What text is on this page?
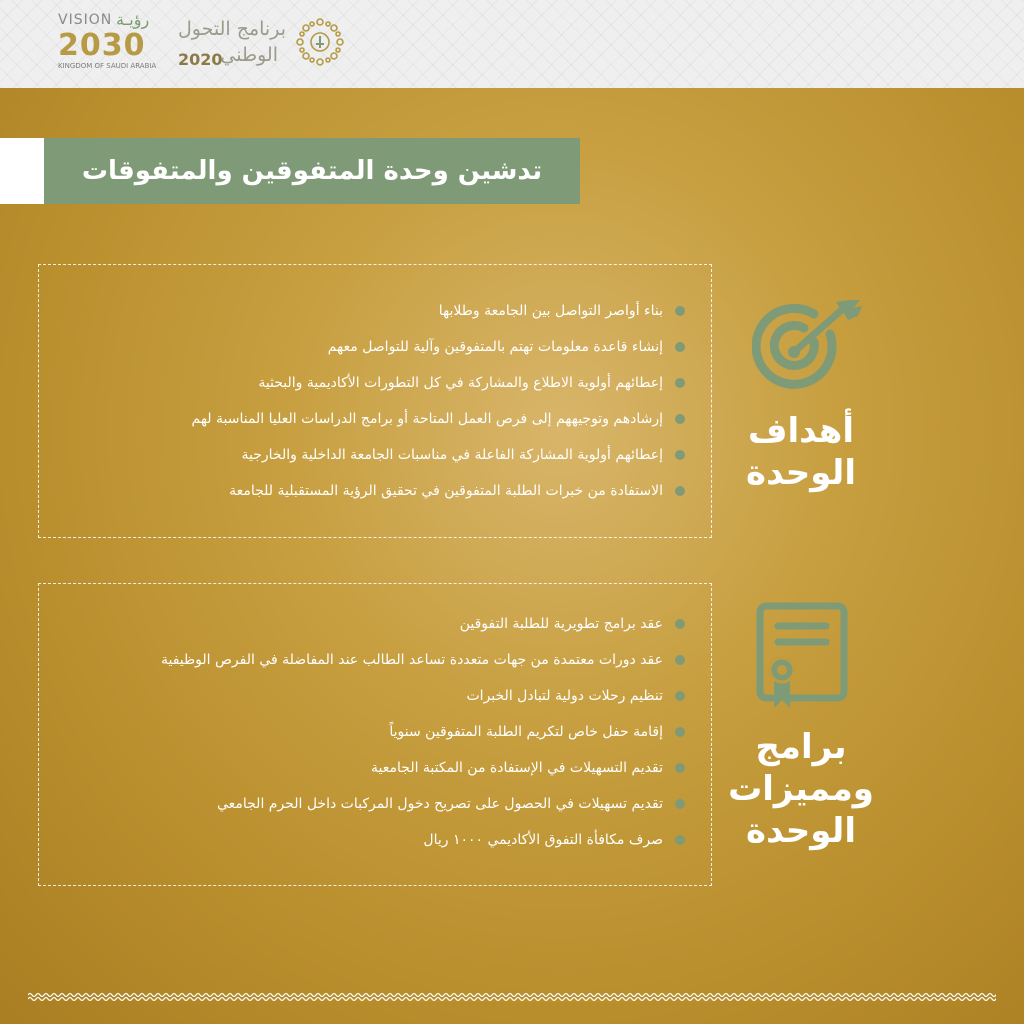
VISION رؤيـة
2030
KINGDOM OF SAUDI ARABIA
برنامج التحول
الوطني
2020
تدشين وحدة المتفوقين والمتفوقات
بناء أواصر التواصل بين الجامعة وطلابها
إنشاء قاعدة معلومات تهتم بالمتفوقين وآلية للتواصل معهم
إعطائهم أولوية الاطلاع والمشاركة في كل التطورات الأكاديمية والبحثية
إرشادهم وتوجيههم إلى فرص العمل المتاحة أو برامج الدراسات العليا المناسبة لهم
إعطائهم أولوية المشاركة الفاعلة في مناسبات الجامعة الداخلية والخارجية
الاستفادة من خبرات الطلبة المتفوقين في تحقيق الرؤية المستقبلية للجامعة
أهداف
الوحدة
عقد برامج تطويرية للطلبة التفوقين
عقد دورات معتمدة من جهات متعددة تساعد الطالب عند المفاضلة في الفرص الوظيفية
تنظيم رحلات دولية لتبادل الخبرات
إقامة حفل خاص لتكريم الطلبة المتفوقين سنوياً
تقديم التسهيلات في الإستفادة من المكتبة الجامعية
تقديم تسهيلات في الحصول على تصريح دخول المركبات داخل الحرم الجامعي
صرف مكافأة التفوق الأكاديمي ١٠٠٠ ريال
برامج
ومميزات
الوحدة
